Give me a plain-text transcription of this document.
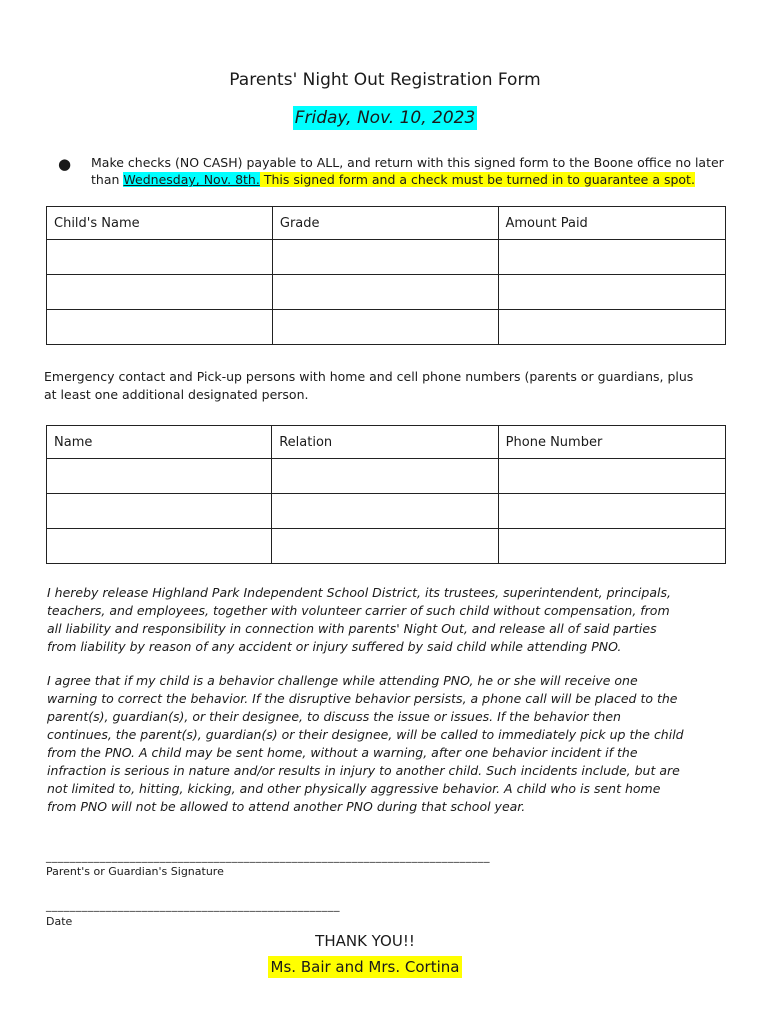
Parents' Night Out Registration Form
Friday, Nov. 10, 2023
● Make checks (NO CASH) payable to ALL, and return with this signed form to the Boone office no later than Wednesday, Nov. 8th. This signed form and a check must be turned in to guarantee a spot.
Child's Name	Grade	Amount Paid

Emergency contact and Pick-up persons with home and cell phone numbers (parents or guardians, plus at least one additional designated person.
Name	Relation	Phone Number

I hereby release Highland Park Independent School District, its trustees, superintendent, principals, teachers, and employees, together with volunteer carrier of such child without compensation, from all liability and responsibility in connection with parents' Night Out, and release all of said parties from liability by reason of any accident or injury suffered by said child while attending PNO.
I agree that if my child is a behavior challenge while attending PNO, he or she will receive one warning to correct the behavior. If the disruptive behavior persists, a phone call will be placed to the parent(s), guardian(s), or their designee, to discuss the issue or issues. If the behavior then continues, the parent(s), guardian(s) or their designee, will be called to immediately pick up the child from the PNO. A child may be sent home, without a warning, after one behavior incident if the infraction is serious in nature and/or results in injury to another child. Such incidents include, but are not limited to, hitting, kicking, and other physically aggressive behavior. A child who is sent home from PNO will not be allowed to attend another PNO during that school year.
__________________________________________________________________________
Parent's or Guardian's Signature
_________________________________________________
Date
THANK YOU!!
Ms. Bair and Mrs. Cortina
